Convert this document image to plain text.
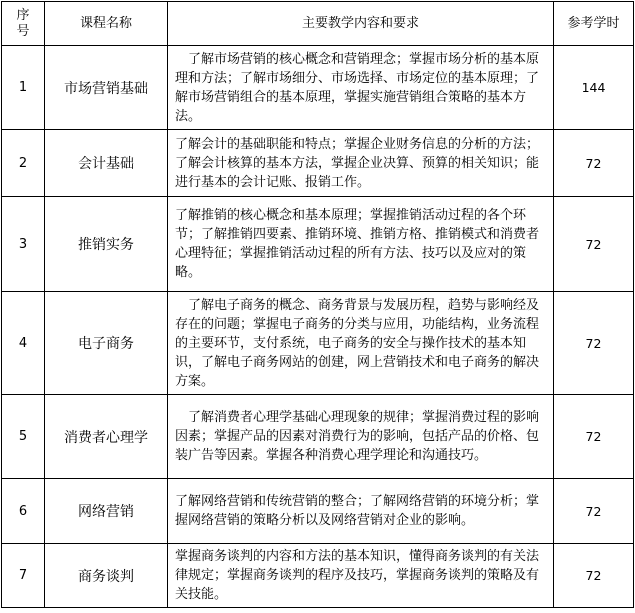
序号	课程名称	主要教学内容和要求	参考学时
1	市场营销基础	　了解市场营销的核心概念和营销理念；掌握市场分析的基本原理和方法；了解市场细分、市场选择、市场定位的基本原理；了解市场营销组合的基本原理，掌握实施营销组合策略的基本方法。	144
2	会计基础	了解会计的基础职能和特点；掌握企业财务信息的分析的方法；了解会计核算的基本方法，掌握企业决算、预算的相关知识；能进行基本的会计记账、报销工作。	72
3	推销实务	了解推销的核心概念和基本原理；掌握推销活动过程的各个环节；了解推销四要素、推销环境、推销方格、推销模式和消费者心理特征；掌握推销活动过程的所有方法、技巧以及应对的策略。	72
4	电子商务	　了解电子商务的概念、商务背景与发展历程，趋势与影响经及存在的问题；掌握电子商务的分类与应用，功能结构，业务流程的主要环节，支付系统，电子商务的安全与操作技术的基本知识，了解电子商务网站的创建，网上营销技术和电子商务的解决方案。	72
5	消费者心理学	　了解消费者心理学基础心理现象的规律；掌握消费过程的影响因素；掌握产品的因素对消费行为的影响，包括产品的价格、包装广告等因素。掌握各种消费心理学理论和沟通技巧。	72
6	网络营销	了解网络营销和传统营销的整合；了解网络营销的环境分析；掌握网络营销的策略分析以及网络营销对企业的影响。	72
7	商务谈判	掌握商务谈判的内容和方法的基本知识，懂得商务谈判的有关法律规定；掌握商务谈判的程序及技巧，掌握商务谈判的策略及有关技能。	72
